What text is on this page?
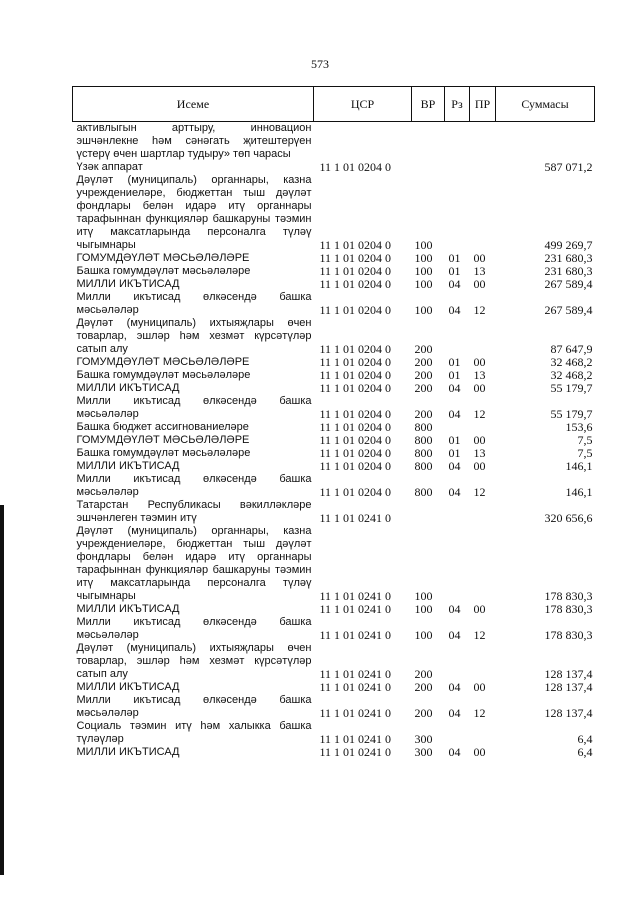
573
Исеме	ЦСР	ВР	Рз	ПР	Суммасы
активлыгын арттыру, инновацион эшчәнлекне һәм сәнәгать җитештерүен үстерү өчен шартлар тудыру» төп чарасы					
Үзәк аппарат	11 1 01 0204 0				587 071,2
Дәүләт (муниципаль) органнары, казна учреждениеләре, бюджеттан тыш дәүләт фондлары белән идарә итү органнары тарафыннан функцияләр башкаруны тәэмин итү максатларында персоналга түләү чыгымнары	11 1 01 0204 0	100			499 269,7
ГОМУМДӘҮЛӘТ МӘСЬӘЛӘЛӘРЕ	11 1 01 0204 0	100	01	00	231 680,3
Башка гомумдәүләт мәсьәләләре	11 1 01 0204 0	100	01	13	231 680,3
МИЛЛИ ИКЪТИСАД	11 1 01 0204 0	100	04	00	267 589,4
Милли икътисад өлкәсендә башка мәсьәләләр	11 1 01 0204 0	100	04	12	267 589,4
Дәүләт (муниципаль) ихтыяҗлары өчен товарлар, эшләр һәм хезмәт күрсәтүләр сатып алу	11 1 01 0204 0	200			87 647,9
ГОМУМДӘҮЛӘТ МӘСЬӘЛӘЛӘРЕ	11 1 01 0204 0	200	01	00	32 468,2
Башка гомумдәүләт мәсьәләләре	11 1 01 0204 0	200	01	13	32 468,2
МИЛЛИ ИКЪТИСАД	11 1 01 0204 0	200	04	00	55 179,7
Милли икътисад өлкәсендә башка мәсьәләләр	11 1 01 0204 0	200	04	12	55 179,7
Башка бюджет ассигнованиеләре	11 1 01 0204 0	800			153,6
ГОМУМДӘҮЛӘТ МӘСЬӘЛӘЛӘРЕ	11 1 01 0204 0	800	01	00	7,5
Башка гомумдәүләт мәсьәләләре	11 1 01 0204 0	800	01	13	7,5
МИЛЛИ ИКЪТИСАД	11 1 01 0204 0	800	04	00	146,1
Милли икътисад өлкәсендә башка мәсьәләләр	11 1 01 0204 0	800	04	12	146,1
Татарстан Республикасы вәкилләкләре эшчәнлеген тәэмин итү	11 1 01 0241 0				320 656,6
Дәүләт (муниципаль) органнары, казна учреждениеләре, бюджеттан тыш дәүләт фондлары белән идарә итү органнары тарафыннан функцияләр башкаруны тәэмин итү максатларында персоналга түләү чыгымнары	11 1 01 0241 0	100			178 830,3
МИЛЛИ ИКЪТИСАД	11 1 01 0241 0	100	04	00	178 830,3
Милли икътисад өлкәсендә башка мәсьәләләр	11 1 01 0241 0	100	04	12	178 830,3
Дәүләт (муниципаль) ихтыяҗлары өчен товарлар, эшләр һәм хезмәт күрсәтүләр сатып алу	11 1 01 0241 0	200			128 137,4
МИЛЛИ ИКЪТИСАД	11 1 01 0241 0	200	04	00	128 137,4
Милли икътисад өлкәсендә башка мәсьәләләр	11 1 01 0241 0	200	04	12	128 137,4
Социаль тәэмин итү һәм халыкка башка түләүләр	11 1 01 0241 0	300			6,4
МИЛЛИ ИКЪТИСАД	11 1 01 0241 0	300	04	00	6,4
